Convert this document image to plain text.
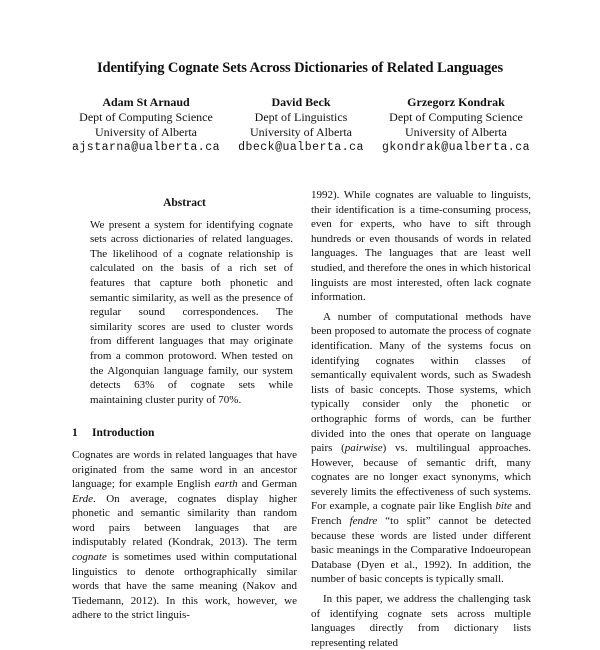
Identifying Cognate Sets Across Dictionaries of Related Languages
Adam St Arnaud
Dept of Computing Science
University of Alberta
ajstarna@ualberta.ca
David Beck
Dept of Linguistics
University of Alberta
dbeck@ualberta.ca
Grzegorz Kondrak
Dept of Computing Science
University of Alberta
gkondrak@ualberta.ca
Abstract
We present a system for identifying cognate sets across dictionaries of related languages. The likelihood of a cognate relationship is calculated on the basis of a rich set of features that capture both phonetic and semantic similarity, as well as the presence of regular sound correspondences. The similarity scores are used to cluster words from different languages that may originate from a common protoword. When tested on the Algonquian language family, our system detects 63% of cognate sets while maintaining cluster purity of 70%.
1 Introduction

Cognates are words in related languages that have originated from the same word in an ancestor language; for example English earth and German Erde. On average, cognates display higher phonetic and semantic similarity than random word pairs between languages that are indisputably related (Kondrak, 2013). The term cognate is sometimes used within computational linguistics to denote orthographically similar words that have the same meaning (Nakov and Tiedemann, 2012). In this work, however, we adhere to the strict linguis-

1992). While cognates are valuable to linguists, their identification is a time-consuming process, even for experts, who have to sift through hundreds or even thousands of words in related languages. The languages that are least well studied, and therefore the ones in which historical linguists are most interested, often lack cognate information.

A number of computational methods have been proposed to automate the process of cognate identification. Many of the systems focus on identifying cognates within classes of semantically equivalent words, such as Swadesh lists of basic concepts. Those systems, which typically consider only the phonetic or orthographic forms of words, can be further divided into the ones that operate on language pairs (pairwise) vs. multilingual approaches. However, because of semantic drift, many cognates are no longer exact synonyms, which severely limits the effectiveness of such systems. For example, a cognate pair like English bite and French fendre “to split” cannot be detected because these words are listed under different basic meanings in the Comparative Indoeuropean Database (Dyen et al., 1992). In addition, the number of basic concepts is typically small.

In this paper, we address the challenging task of identifying cognate sets across multiple languages directly from dictionary lists representing related
